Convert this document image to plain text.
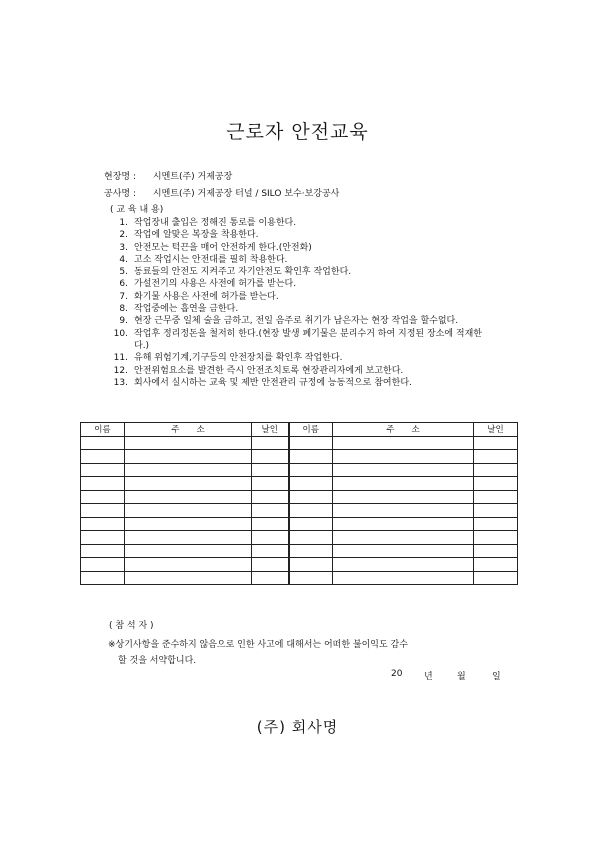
근로자 안전교육
현장명 : 시멘트(주) 거제공장
공사명 : 시멘트(주) 거제공장 터널 / SILO 보수·보강공사
( 교 육 내 용)
1. 작업장내 출입은 정해진 통로를 이용한다.
2. 작업에 알맞은 복장을 착용한다.
3. 안전모는 턱끈을 매어 안전하게 한다.(안전화)
4. 고소 작업시는 안전대를 필히 착용한다.
5. 동료들의 안전도 지켜주고 자기안전도 확인후 작업한다.
6. 가설전기의 사용은 사전에 허가를 받는다.
7. 화기물 사용은 사전에 허가를 받는다.
8. 작업중에는 흡연을 금한다.
9. 현장 근무중 일체 술을 금하고, 전일 음주로 취기가 남은자는 현장 작업을 할수없다.
10. 작업후 정리정돈을 철저히 한다.(현장 발생 폐기물은 분리수거 하여 지정된 장소에 적재한다.)
11. 유해 위험기계,기구등의 안전장치를 확인후 작업한다.
12. 안전위험요소를 발견한 즉시 안전조치토록 현장관리자에게 보고한다.
13. 회사에서 실시하는 교육 및 제반 안전관리 규정에 능동적으로 참여한다.
이름	주　　소	날인	이름	주　　소	날인

( 참 석 자 )
※상기사항을 준수하지 않음으로 인한 사고에 대해서는 어떠한 불이익도 감수
할 것을 서약합니다.
20 년	월	일
(주) 회사명
